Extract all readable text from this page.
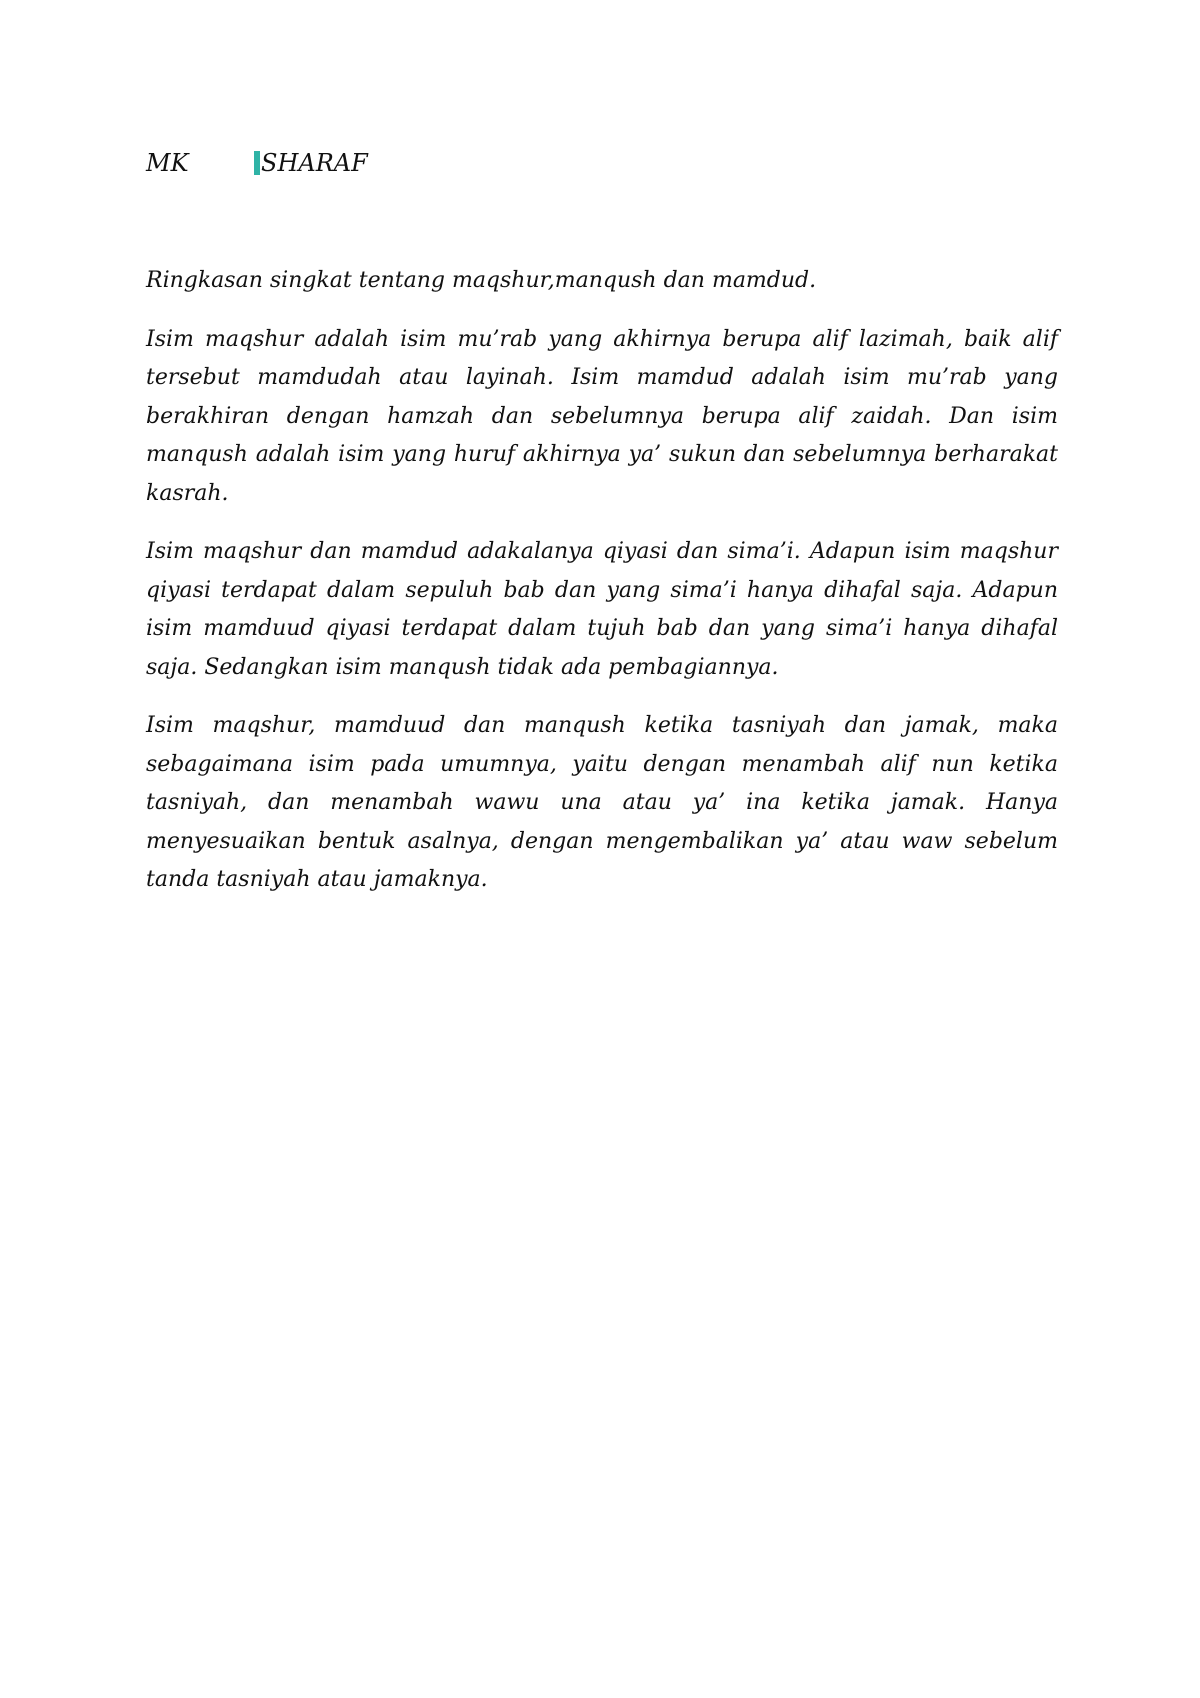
MK	SHARAF

Ringkasan singkat tentang maqshur,manqush dan mamdud.

Isim maqshur adalah isim mu’rab yang akhirnya berupa alif lazimah, baik alif tersebut mamdudah atau layinah. Isim mamdud adalah isim mu’rab yang berakhiran dengan hamzah dan sebelumnya berupa alif zaidah. Dan isim manqush adalah isim yang huruf akhirnya ya’ sukun dan sebelumnya berharakat kasrah.

Isim maqshur dan mamdud adakalanya qiyasi dan sima’i. Adapun isim maqshur qiyasi terdapat dalam sepuluh bab dan yang sima’i hanya dihafal saja. Adapun isim mamduud qiyasi terdapat dalam tujuh bab dan yang sima’i hanya dihafal saja. Sedangkan isim manqush tidak ada pembagiannya.

Isim maqshur, mamduud dan manqush ketika tasniyah dan jamak, maka sebagaimana isim pada umumnya, yaitu dengan menambah alif nun ketika tasniyah, dan menambah wawu una atau ya’ ina ketika jamak. Hanya menyesuaikan bentuk asalnya, dengan mengembalikan ya’ atau waw sebelum tanda tasniyah atau jamaknya.
